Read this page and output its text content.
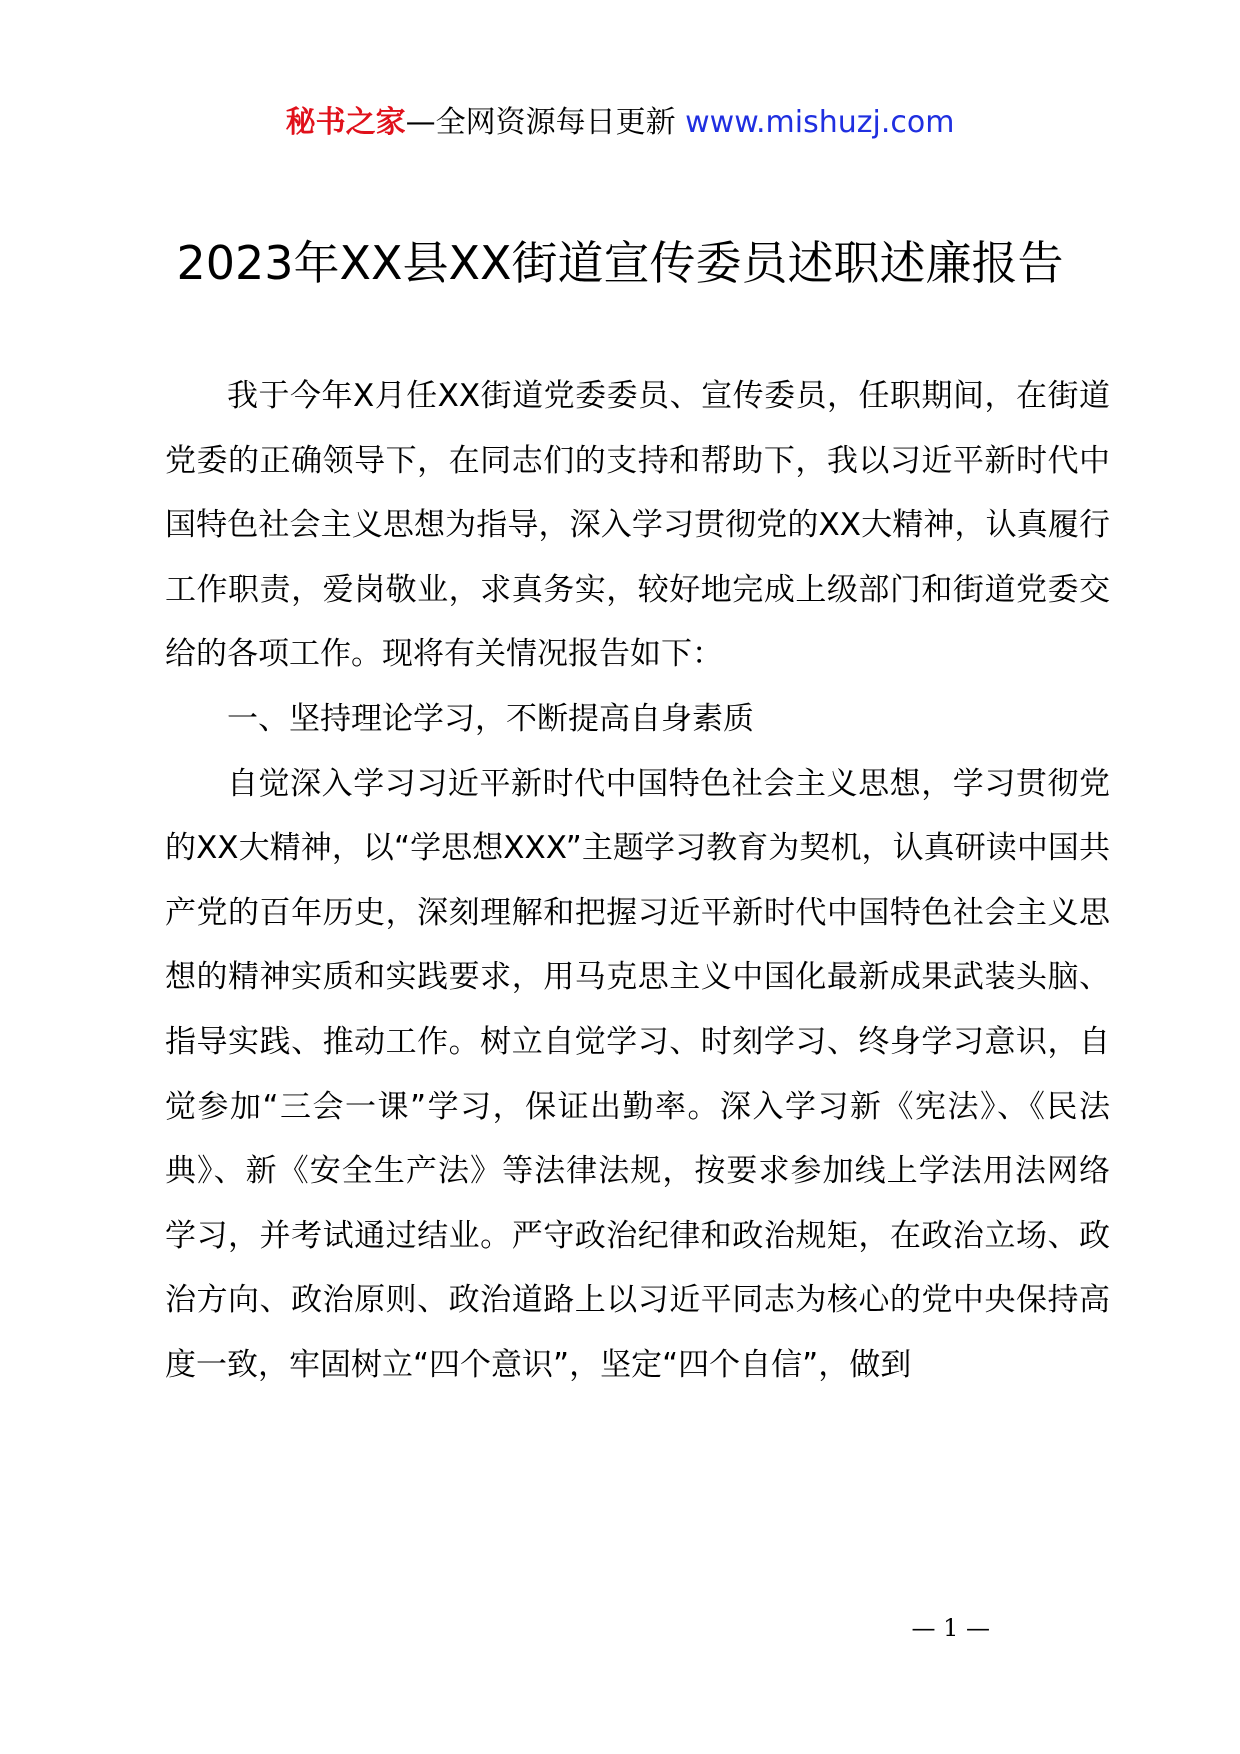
秘书之家—全网资源每日更新 www.mishuzj.com
2023年XX县XX街道宣传委员述职述廉报告

我于今年X月任XX街道党委委员、宣传委员，任职期间，在街道党委的正确领导下，在同志们的支持和帮助下，我以习近平新时代中国特色社会主义思想为指导，深入学习贯彻党的XX大精神，认真履行工作职责，爱岗敬业，求真务实，较好地完成上级部门和街道党委交给的各项工作。现将有关情况报告如下：

一、坚持理论学习，不断提高自身素质

自觉深入学习习近平新时代中国特色社会主义思想，学习贯彻党的XX大精神，以“学思想XXX”主题学习教育为契机，认真研读中国共产党的百年历史，深刻理解和把握习近平新时代中国特色社会主义思想的精神实质和实践要求，用马克思主义中国化最新成果武装头脑、指导实践、推动工作。树立自觉学习、时刻学习、终身学习意识，自觉参加“三会一课”学习，保证出勤率。深入学习新《宪法》、《民法典》、新《安全生产法》等法律法规，按要求参加线上学法用法网络学习，并考试通过结业。严守政治纪律和政治规矩，在政治立场、政治方向、政治原则、政治道路上以习近平同志为核心的党中央保持高度一致，牢固树立“四个意识”，坚定“四个自信”，做到

— 1 —
